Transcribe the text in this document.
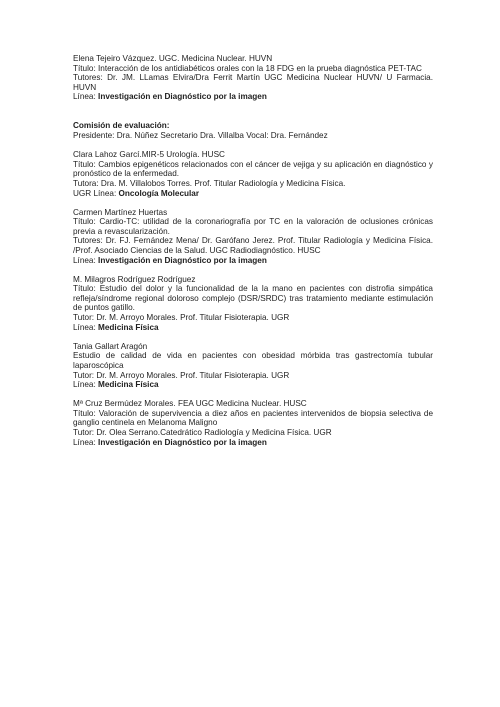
Elena Tejeiro Vázquez. UGC. Medicina Nuclear. HUVN
Título: Interacción de los antidiabéticos orales con la 18 FDG en la prueba diagnóstica PET-TAC
Tutores: Dr. JM. LLamas Elvira/Dra Ferrit Martín UGC Medicina Nuclear HUVN/ U Farmacia. HUVN
Línea: Investigación en Diagnóstico por la imagen
Comisión de evaluación:
Presidente: Dra. Núñez Secretario Dra. Villalba Vocal: Dra. Fernández
Clara Lahoz Garcí.MIR-5 Urología. HUSC
Título: Cambios epigenéticos relacionados con el cáncer de vejiga y su aplicación en diagnóstico y pronóstico de la enfermedad.
Tutora: Dra. M. Villalobos Torres. Prof. Titular Radiología y Medicina Física.
UGR Línea: Oncología Molecular
Carmen Martínez Huertas
Título: Cardio-TC: utilidad de la coronariografía por TC en la valoración de oclusiones crónicas previa a revascularización.
Tutores: Dr. FJ. Fernández Mena/ Dr. Garófano Jerez. Prof. Titular Radiología y Medicina Física. /Prof. Asociado Ciencias de la Salud. UGC Radiodiagnóstico. HUSC
Línea: Investigación en Diagnóstico por la imagen
M. Milagros Rodríguez Rodríguez
Título: Estudio del dolor y la funcionalidad de la la mano en pacientes con distrofia simpática refleja/síndrome regional doloroso complejo (DSR/SRDC) tras tratamiento mediante estimulación de puntos gatillo.
Tutor: Dr. M. Arroyo Morales. Prof. Titular Fisioterapia. UGR
Línea: Medicina Física
Tania Gallart Aragón
Estudio de calidad de vida en pacientes con obesidad mórbida tras gastrectomía tubular laparoscópica
Tutor: Dr. M. Arroyo Morales. Prof. Titular Fisioterapia. UGR
Línea: Medicina Física
Mª Cruz Bermúdez Morales. FEA UGC Medicina Nuclear. HUSC
Título: Valoración de supervivencia a diez años en pacientes intervenidos de biopsia selectiva de ganglio centinela en Melanoma Maligno
Tutor: Dr. Olea Serrano.Catedrático Radiología y Medicina Física. UGR
Línea: Investigación en Diagnóstico por la imagen
